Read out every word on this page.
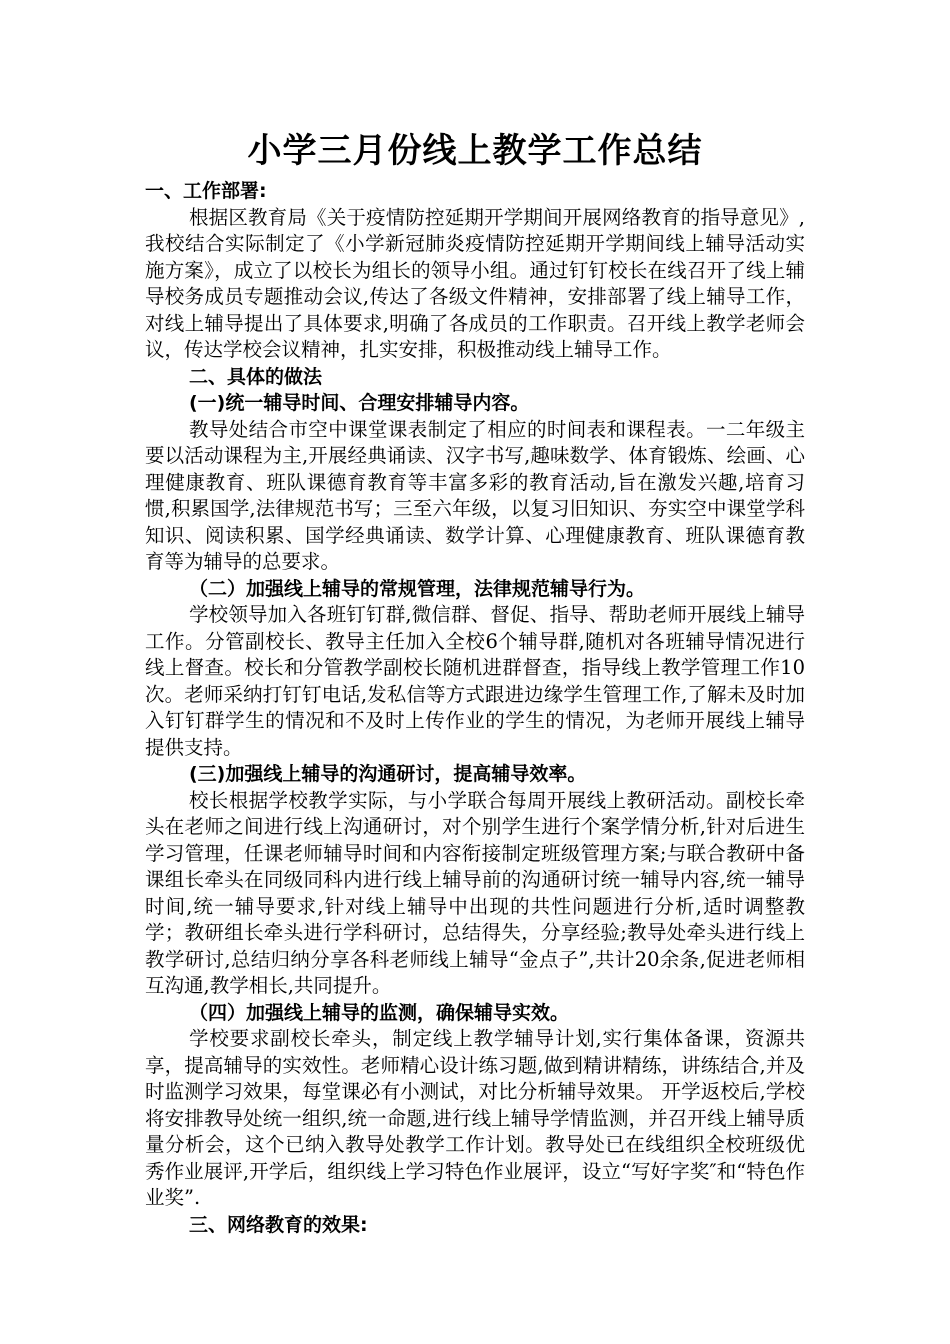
小学三月份线上教学工作总结

一、工作部署:

根据区教育局《关于疫情防控延期开学期间开展网络教育的指导意见》,我校结合实际制定了《小学新冠肺炎疫情防控延期开学期间线上辅导活动实施方案》，成立了以校长为组长的领导小组。通过钉钉校长在线召开了线上辅导校务成员专题推动会议,传达了各级文件精神，安排部署了线上辅导工作，对线上辅导提出了具体要求,明确了各成员的工作职责。召开线上教学老师会议，传达学校会议精神，扎实安排，积极推动线上辅导工作。

二、具体的做法

(一)统一辅导时间、合理安排辅导内容。

教导处结合市空中课堂课表制定了相应的时间表和课程表。一二年级主要以活动课程为主,开展经典诵读、汉字书写,趣味数学、体育锻炼、绘画、心理健康教育、班队课德育教育等丰富多彩的教育活动,旨在激发兴趣,培育习惯,积累国学,法律规范书写；三至六年级，以复习旧知识、夯实空中课堂学科知识、阅读积累、国学经典诵读、数学计算、心理健康教育、班队课德育教育等为辅导的总要求。

（二）加强线上辅导的常规管理，法律规范辅导行为。

学校领导加入各班钉钉群,微信群、督促、指导、帮助老师开展线上辅导工作。分管副校长、教导主任加入全校6个辅导群,随机对各班辅导情况进行线上督查。校长和分管教学副校长随机进群督查，指导线上教学管理工作10次。老师采纳打钉钉电话,发私信等方式跟进边缘学生管理工作,了解未及时加入钉钉群学生的情况和不及时上传作业的学生的情况，为老师开展线上辅导提供支持。

(三)加强线上辅导的沟通研讨，提高辅导效率。

校长根据学校教学实际，与小学联合每周开展线上教研活动。副校长牵头在老师之间进行线上沟通研讨，对个别学生进行个案学情分析,针对后进生学习管理，任课老师辅导时间和内容衔接制定班级管理方案;与联合教研中备课组长牵头在同级同科内进行线上辅导前的沟通研讨统一辅导内容,统一辅导时间,统一辅导要求,针对线上辅导中出现的共性问题进行分析,适时调整教学；教研组长牵头进行学科研讨，总结得失，分享经验;教导处牵头进行线上教学研讨,总结归纳分享各科老师线上辅导“金点子”,共计20余条,促进老师相互沟通,教学相长,共同提升。

（四）加强线上辅导的监测，确保辅导实效。

学校要求副校长牵头，制定线上教学辅导计划,实行集体备课，资源共享，提高辅导的实效性。老师精心设计练习题,做到精讲精练，讲练结合,并及时监测学习效果，每堂课必有小测试，对比分析辅导效果。 开学返校后,学校将安排教导处统一组织,统一命题,进行线上辅导学情监测，并召开线上辅导质量分析会，这个已纳入教导处教学工作计划。教导处已在线组织全校班级优秀作业展评,开学后，组织线上学习特色作业展评，设立“写好字奖″和“特色作业奖”.

三、网络教育的效果:
